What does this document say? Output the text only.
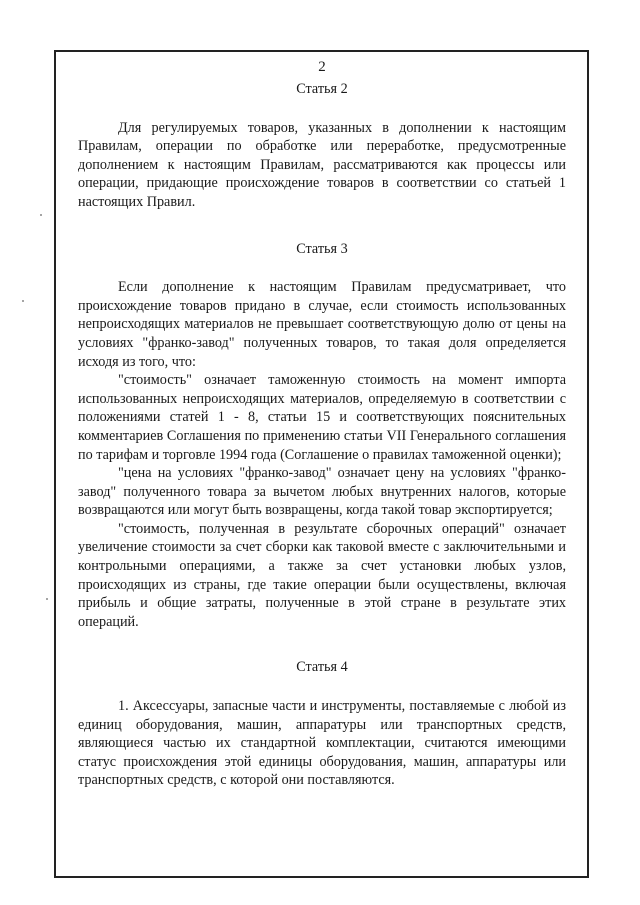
2
Статья 2

Для регулируемых товаров, указанных в дополнении к настоящим Правилам, операции по обработке или переработке, предусмотренные дополнением к настоящим Правилам, рассматриваются как процессы или операции, придающие происхождение товаров в соответствии со статьей 1 настоящих Правил.

Статья 3

Если дополнение к настоящим Правилам предусматривает, что происхождение товаров придано в случае, если стоимость использованных непроисходящих материалов не превышает соответствующую долю от цены на условиях "франко-завод" полученных товаров, то такая доля определяется исходя из того, что:

"стоимость" означает таможенную стоимость на момент импорта использованных непроисходящих материалов, определяемую в соответствии с положениями статей 1 - 8, статьи 15 и соответствующих пояснительных комментариев Соглашения по применению статьи VII Генерального соглашения по тарифам и торговле 1994 года (Соглашение о правилах таможенной оценки);

"цена на условиях "франко-завод" означает цену на условиях "франко-завод" полученного товара за вычетом любых внутренних налогов, которые возвращаются или могут быть возвращены, когда такой товар экспортируется;

"стоимость, полученная в результате сборочных операций" означает увеличение стоимости за счет сборки как таковой вместе с заключительными и контрольными операциями, а также за счет установки любых узлов, происходящих из страны, где такие операции были осуществлены, включая прибыль и общие затраты, полученные в этой стране в результате этих операций.

Статья 4

1. Аксессуары, запасные части и инструменты, поставляемые с любой из единиц оборудования, машин, аппаратуры или транспортных средств, являющиеся частью их стандартной комплектации, считаются имеющими статус происхождения этой единицы оборудования, машин, аппаратуры или транспортных средств, с которой они поставляются.
